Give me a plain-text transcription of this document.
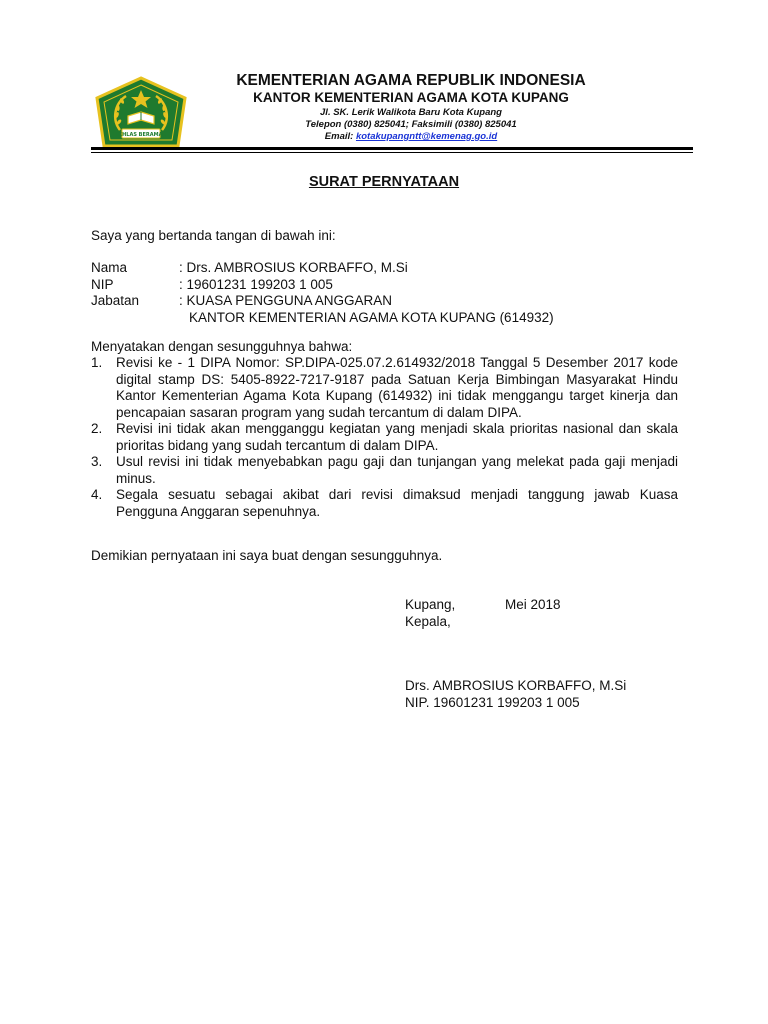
IKHLAS BERAMAL
KEMENTERIAN AGAMA REPUBLIK INDONESIA
KANTOR KEMENTERIAN AGAMA KOTA KUPANG
Jl. SK. Lerik Walikota Baru Kota Kupang
Telepon (0380) 825041; Faksimili (0380) 825041
Email: kotakupangntt@kemenag.go.id
SURAT PERNYATAAN
Saya yang bertanda tangan di bawah ini:
Nama	: Drs. AMBROSIUS KORBAFFO, M.Si
NIP	: 19601231 199203 1 005
Jabatan	: KUASA PENGGUNA ANGGARAN
KANTOR KEMENTERIAN AGAMA KOTA KUPANG (614932)
Menyatakan dengan sesungguhnya bahwa:
1.	Revisi ke - 1 DIPA Nomor: SP.DIPA-025.07.2.614932/2018 Tanggal 5 Desember 2017 kode digital stamp DS: 5405-8922-7217-9187 pada Satuan Kerja Bimbingan Masyarakat Hindu Kantor Kementerian Agama Kota Kupang (614932) ini tidak menggangu target kinerja dan pencapaian sasaran program yang sudah tercantum di dalam DIPA.
2.	Revisi ini tidak akan mengganggu kegiatan yang menjadi skala prioritas nasional dan skala prioritas bidang yang sudah tercantum di dalam DIPA.
3.	Usul revisi ini tidak menyebabkan pagu gaji dan tunjangan yang melekat pada gaji menjadi minus.
4.	Segala sesuatu sebagai akibat dari revisi dimaksud menjadi tanggung jawab Kuasa Pengguna Anggaran sepenuhnya.
Demikian pernyataan ini saya buat dengan sesungguhnya.
Kupang,	Mei 2018
Kepala,
Drs. AMBROSIUS KORBAFFO, M.Si
NIP. 19601231 199203 1 005
